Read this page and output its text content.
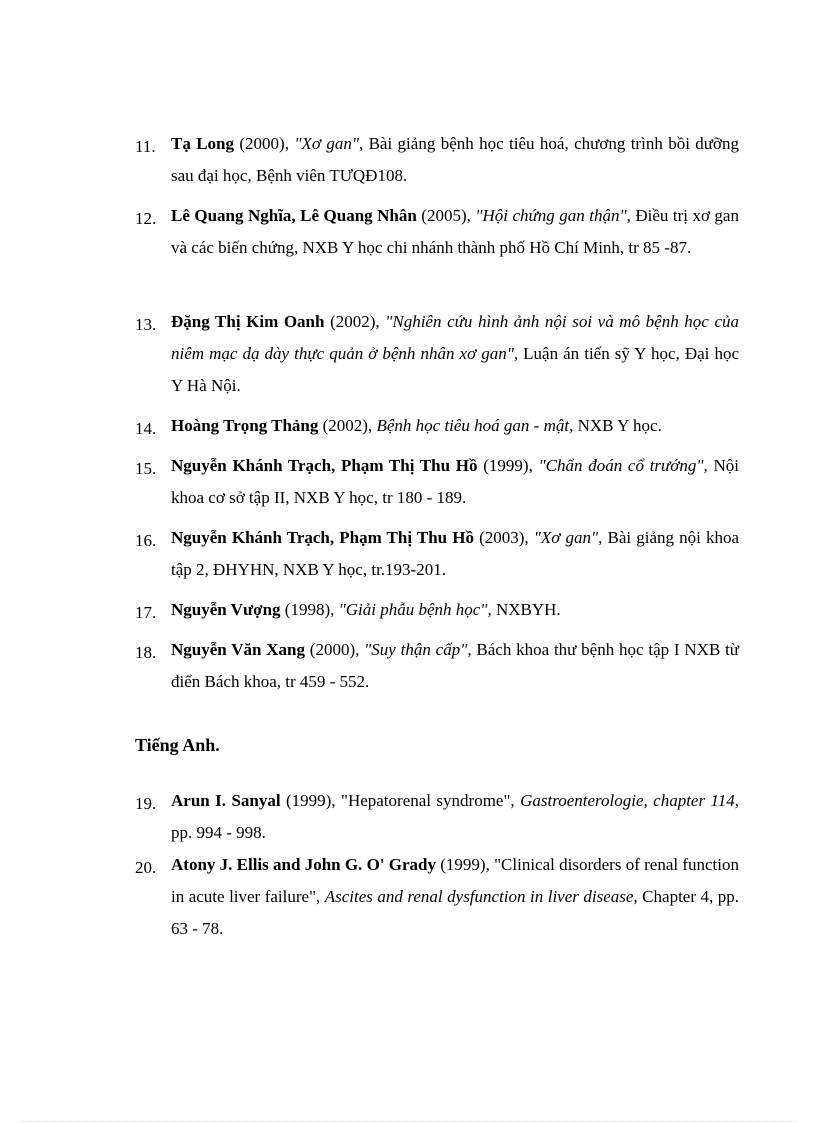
11. Tạ Long (2000), "Xơ gan", Bài giảng bệnh học tiêu hoá, chương trình bồi dưỡng sau đại học, Bệnh viên TƯQĐ108.
12. Lê Quang Nghĩa, Lê Quang Nhân (2005), "Hội chứng gan thận", Điều trị xơ gan và các biến chứng, NXB Y học chi nhánh thành phố Hồ Chí Minh, tr 85 -87.
13. Đặng Thị Kim Oanh (2002), "Nghiên cứu hình ảnh nội soi và mô bệnh học của niêm mạc dạ dày thực quản ở bệnh nhân xơ gan", Luận án tiến sỹ Y học, Đại học Y Hà Nội.
14. Hoàng Trọng Thảng (2002), Bệnh học tiêu hoá gan - mật, NXB Y học.
15. Nguyễn Khánh Trạch, Phạm Thị Thu Hồ (1999), "Chẩn đoán cổ trướng", Nội khoa cơ sở tập II, NXB Y học, tr 180 - 189.
16. Nguyễn Khánh Trạch, Phạm Thị Thu Hồ (2003), "Xơ gan", Bài giảng nội khoa tập 2, ĐHYHN, NXB Y học, tr.193-201.
17. Nguyễn Vượng (1998), "Giải phẫu bệnh học", NXBYH.
18. Nguyễn Văn Xang (2000), "Suy thận cấp", Bách khoa thư bệnh học tập I NXB từ điển Bách khoa, tr 459 - 552.
Tiếng Anh.
19. Arun I. Sanyal (1999), "Hepatorenal syndrome", Gastroenterologie, chapter 114, pp. 994 - 998.
20. Atony J. Ellis and John G. O' Grady (1999), "Clinical disorders of renal function in acute liver failure", Ascites and renal dysfunction in liver disease, Chapter 4, pp. 63 - 78.
